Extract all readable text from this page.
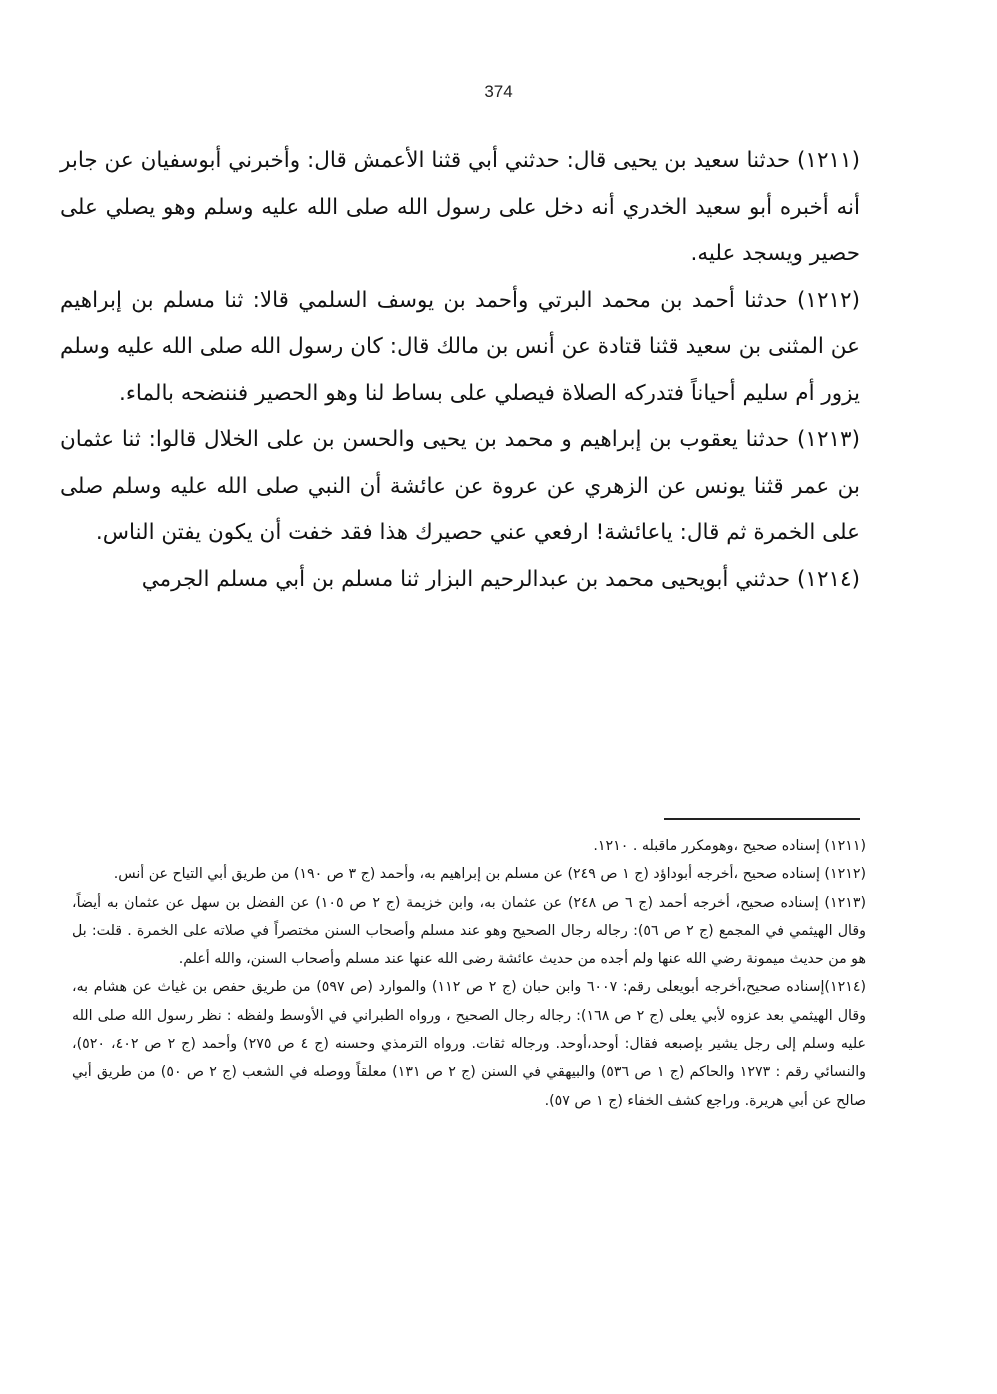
374

(١٢١١) حدثنا سعيد بن يحيى قال: حدثني أبي قثنا الأعمش قال: وأخبرني أبوسفيان عن جابر أنه أخبره أبو سعيد الخدري أنه دخل على رسول الله صلى الله عليه وسلم وهو يصلي على حصير ويسجد عليه.

(١٢١٢) حدثنا أحمد بن محمد البرتي وأحمد بن يوسف السلمي قالا: ثنا مسلم بن إبراهيم عن المثنى بن سعيد قثنا قتادة عن أنس بن مالك قال: كان رسول الله صلى الله عليه وسلم يزور أم سليم أحياناً فتدركه الصلاة فيصلي على بساط لنا وهو الحصير فننضحه بالماء.

(١٢١٣) حدثنا يعقوب بن إبراهيم و محمد بن يحيى والحسن بن على الخلال قالوا: ثنا عثمان بن عمر قثنا يونس عن الزهري عن عروة عن عائشة أن النبي صلى الله عليه وسلم صلى على الخمرة ثم قال: ياعائشة! ارفعي عني حصيرك هذا فقد خفت أن يكون يفتن الناس.

(١٢١٤) حدثني أبويحيى محمد بن عبدالرحيم البزار ثنا مسلم بن أبي مسلم الجرمي

(١٢١١) إسناده صحيح ،وهومكرر ماقبله . ١٢١٠.

(١٢١٢) إسناده صحيح ،أخرجه أبوداؤد (ج ١ ص ٢٤٩) عن مسلم بن إبراهيم به، وأحمد (ج ٣ ص ١٩٠) من طريق أبي التياح عن أنس.

(١٢١٣) إسناده صحيح، أخرجه أحمد (ج ٦ ص ٢٤٨) عن عثمان به، وابن خزيمة (ج ٢ ص ١٠٥) عن الفضل بن سهل عن عثمان به أيضاً، وقال الهيثمي في المجمع (ج ٢ ص ٥٦): رجاله رجال الصحيح وهو عند مسلم وأصحاب السنن مختصراً في صلاته على الخمرة . قلت: بل هو من حديث ميمونة رضي الله عنها ولم أجده من حديث عائشة رضى الله عنها عند مسلم وأصحاب السنن، والله أعلم.

(١٢١٤)إسناده صحيح،أخرجه أبويعلى رقم: ٦٠٠٧ وابن حبان (ج ٢ ص ١١٢) والموارد (ص ٥٩٧) من طريق حفص بن غياث عن هشام به، وقال الهيثمي بعد عزوه لأبي يعلى (ج ٢ ص ١٦٨): رجاله رجال الصحيح ، ورواه الطبراني في الأوسط ولفظه : نظر رسول الله صلى الله عليه وسلم إلى رجل يشير بإصبعه فقال: أوحد،أوحد. ورجاله ثقات. ورواه الترمذي وحسنه (ج ٤ ص ٢٧٥) وأحمد (ج ٢ ص ٤٠٢، ٥٢٠)، والنسائي رقم : ١٢٧٣ والحاكم (ج ١ ص ٥٣٦) والبيهقي في السنن (ج ٢ ص ١٣١) معلقاً ووصله في الشعب (ج ٢ ص ٥٠) من طريق أبي صالح عن أبي هريرة. وراجع كشف الخفاء (ج ١ ص ٥٧).
